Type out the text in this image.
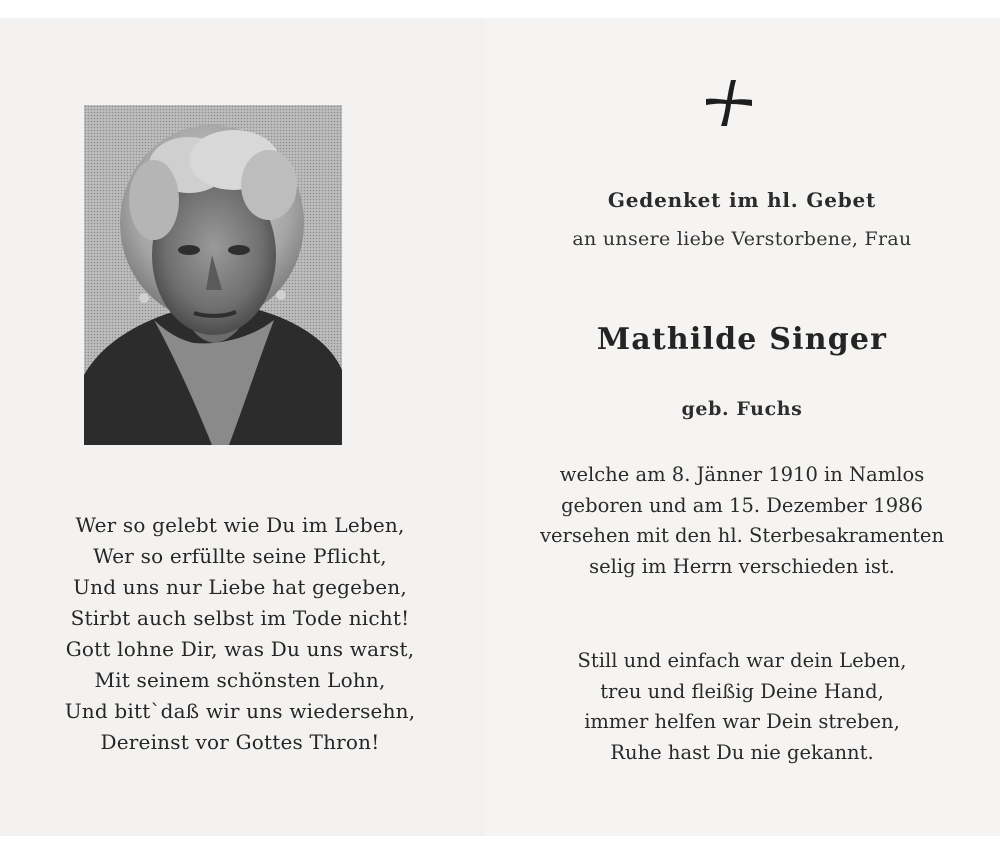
Wer so gelebt wie Du im Leben,
Wer so erfüllte seine Pflicht,
Und uns nur Liebe hat gegeben,
Stirbt auch selbst im Tode nicht!
Gott lohne Dir, was Du uns warst,
Mit seinem schönsten Lohn,
Und bitt`daß wir uns wiedersehn,
Dereinst vor Gottes Thron!
Gedenket im hl. Gebet
an unsere liebe Verstorbene, Frau
Mathilde Singer
geb. Fuchs
welche am 8. Jänner 1910 in Namlos
geboren und am 15. Dezember 1986
versehen mit den hl. Sterbesakramenten
selig im Herrn verschieden ist.
Still und einfach war dein Leben,
treu und fleißig Deine Hand,
immer helfen war Dein streben,
Ruhe hast Du nie gekannt.
